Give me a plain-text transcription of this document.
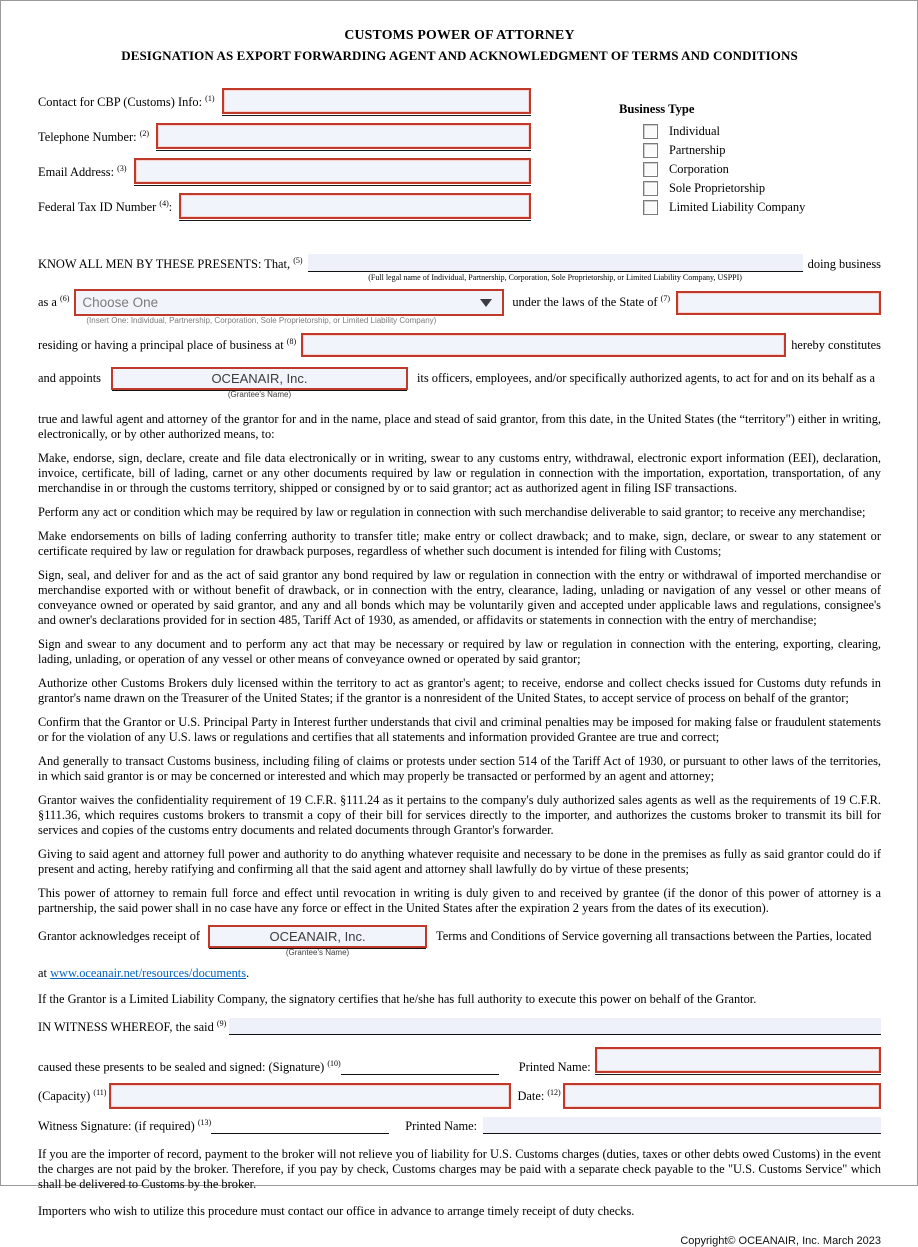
CUSTOMS POWER OF ATTORNEY
DESIGNATION AS EXPORT FORWARDING AGENT AND ACKNOWLEDGMENT OF TERMS AND CONDITIONS
Contact for CBP (Customs) Info: $^{(1)}$
Telephone Number: $^{(2)}$
Email Address: $^{(3)}$
Federal Tax ID Number $^{(4)}$:
Business Type
Individual
Partnership
Corporation
Sole Proprietorship
Limited Liability Company
KNOW ALL MEN BY THESE PRESENTS: That, $^{(5)}$
(Full legal name of Individual, Partnership, Corporation, Sole Proprietorship, or Limited Liability Company, USPPI)
doing business
as a $^{(6)}$ Choose One
(Insert One: Individual, Partnership, Corporation, Sole Proprietorship, or Limited Liability Company)
under the laws of the State of $^{(7)}$
residing or having a principal place of business at $^{(8)}$	hereby constitutes
and appoints	OCEANAIR, Inc.
(Grantee's Name)
its officers, employees, and/or specifically authorized agents, to act for and on its behalf as a

true and lawful agent and attorney of the grantor for and in the name, place and stead of said grantor, from this date, in the United States (the “territory") either in writing, electronically, or by other authorized means, to:

Make, endorse, sign, declare, create and file data electronically or in writing, swear to any customs entry, withdrawal, electronic export information (EEI), declaration, invoice, certificate, bill of lading, carnet or any other documents required by law or regulation in connection with the importation, exportation, transportation, of any merchandise in or through the customs territory, shipped or consigned by or to said grantor; act as authorized agent in filing ISF transactions.

Perform any act or condition which may be required by law or regulation in connection with such merchandise deliverable to said grantor; to receive any merchandise;

Make endorsements on bills of lading conferring authority to transfer title; make entry or collect drawback; and to make, sign, declare, or swear to any statement or certificate required by law or regulation for drawback purposes, regardless of whether such document is intended for filing with Customs;

Sign, seal, and deliver for and as the act of said grantor any bond required by law or regulation in connection with the entry or withdrawal of imported merchandise or merchandise exported with or without benefit of drawback, or in connection with the entry, clearance, lading, unlading or navigation of any vessel or other means of conveyance owned or operated by said grantor, and any and all bonds which may be voluntarily given and accepted under applicable laws and regulations, consignee's and owner's declarations provided for in section 485, Tariff Act of 1930, as amended, or affidavits or statements in connection with the entry of merchandise;

Sign and swear to any document and to perform any act that may be necessary or required by law or regulation in connection with the entering, exporting, clearing, lading, unlading, or operation of any vessel or other means of conveyance owned or operated by said grantor;

Authorize other Customs Brokers duly licensed within the territory to act as grantor's agent; to receive, endorse and collect checks issued for Customs duty refunds in grantor's name drawn on the Treasurer of the United States; if the grantor is a nonresident of the United States, to accept service of process on behalf of the grantor;

Confirm that the Grantor or U.S. Principal Party in Interest further understands that civil and criminal penalties may be imposed for making false or fraudulent statements or for the violation of any U.S. laws or regulations and certifies that all statements and information provided Grantee are true and correct;

And generally to transact Customs business, including filing of claims or protests under section 514 of the Tariff Act of 1930, or pursuant to other laws of the territories, in which said grantor is or may be concerned or interested and which may properly be transacted or performed by an agent and attorney;

Grantor waives the confidentiality requirement of 19 C.F.R. §111.24 as it pertains to the company's duly authorized sales agents as well as the requirements of 19 C.F.R. §111.36, which requires customs brokers to transmit a copy of their bill for services directly to the importer, and authorizes the customs broker to transmit its bill for services and copies of the customs entry documents and related documents through Grantor's forwarder.

Giving to said agent and attorney full power and authority to do anything whatever requisite and necessary to be done in the premises as fully as said grantor could do if present and acting, hereby ratifying and confirming all that the said agent and attorney shall lawfully do by virtue of these presents;

This power of attorney to remain full force and effect until revocation in writing is duly given to and received by grantee (if the donor of this power of attorney is a partnership, the said power shall in no case have any force or effect in the United States after the expiration 2 years from the dates of its execution).

Grantor acknowledges receipt of	OCEANAIR, Inc.
(Grantee's Name)
Terms and Conditions of Service governing all transactions between the Parties, located
at www.oceanair.net/resources/documents.

If the Grantor is a Limited Liability Company, the signatory certifies that he/she has full authority to execute this power on behalf of the Grantor.

IN WITNESS WHEREOF, the said $^{(9)}$
caused these presents to be sealed and signed: (Signature) $^{(10)}$	Printed Name:
(Capacity) $^{(11)}$	Date: $^{(12)}$
Witness Signature: (if required) $^{(13)}$	Printed Name:

If you are the importer of record, payment to the broker will not relieve you of liability for U.S. Customs charges (duties, taxes or other debts owed Customs) in the event the charges are not paid by the broker. Therefore, if you pay by check, Customs charges may be paid with a separate check payable to the "U.S. Customs Service" which shall be delivered to Customs by the broker.

Importers who wish to utilize this procedure must contact our office in advance to arrange timely receipt of duty checks.

Copyright© OCEANAIR, Inc. March 2023
